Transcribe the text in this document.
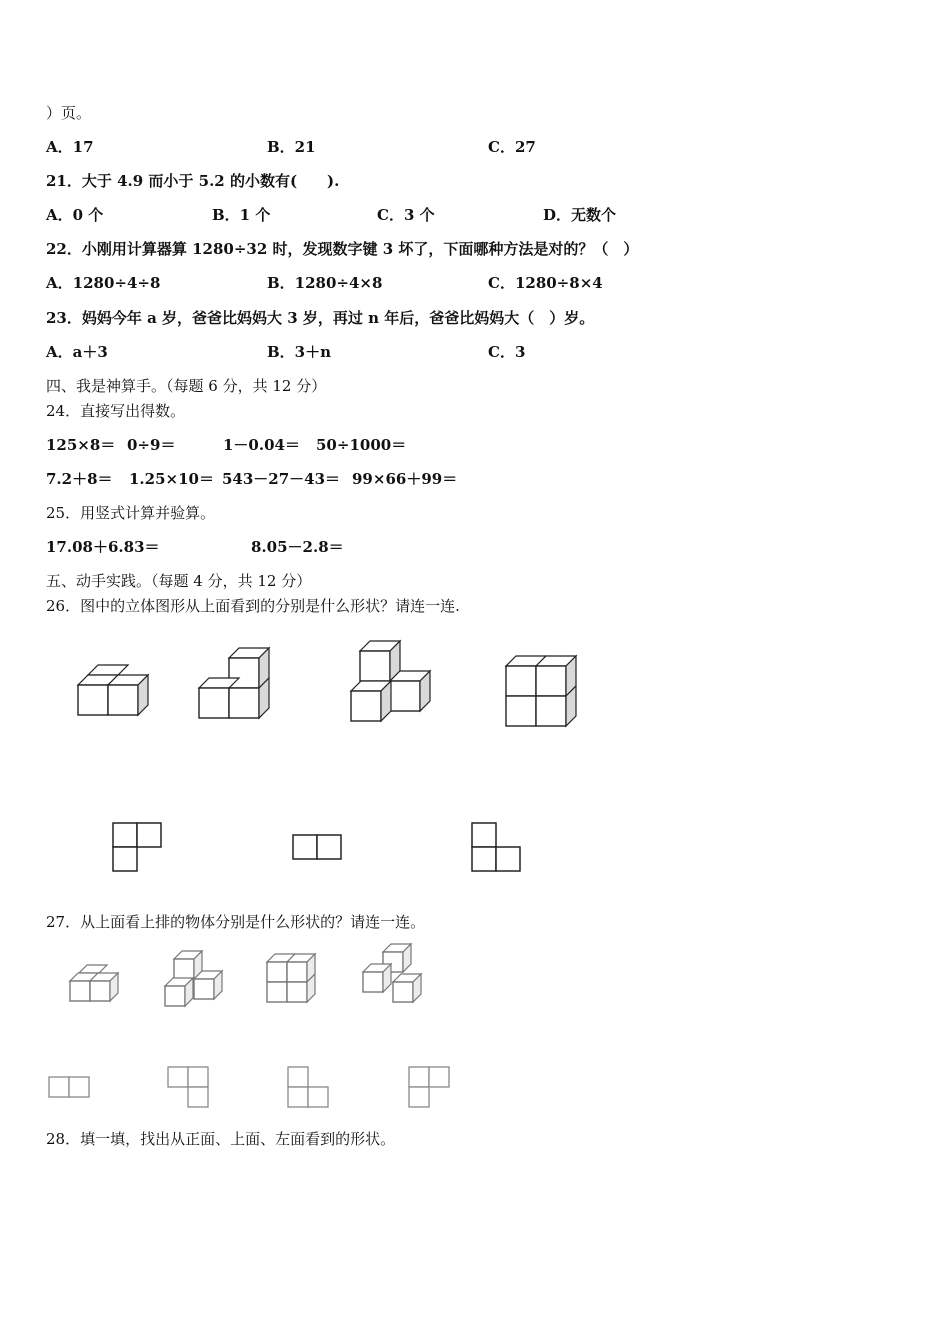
）页。
A．17	B．21	C．27
21．大于 4.9 而小于 5.2 的小数有(　　).
A．0 个	B．1 个	C．3 个	D．无数个
22．小刚用计算器算 1280÷32 时，发现数字键 3 坏了，下面哪种方法是对的？（　）
A．1280÷4÷8	B．1280÷4×8	C．1280÷8×4
23．妈妈今年 a 岁，爸爸比妈妈大 3 岁，再过 n 年后，爸爸比妈妈大（　）岁。
A．a＋3	B．3＋n	C．3
四、我是神算手。（每题 6 分，共 12 分）
24．直接写出得数。
125×8＝ 0÷9＝	1－0.04＝ 50÷1000＝
7.2＋8＝ 1.25×10＝ 543－27－43＝ 99×66＋99＝
25．用竖式计算并验算。
17.08＋6.83＝	8.05－2.8＝
五、动手实践。（每题 4 分，共 12 分）
26．图中的立体图形从上面看到的分别是什么形状？请连一连.
27．从上面看上排的物体分别是什么形状的？请连一连。
28．填一填，找出从正面、上面、左面看到的形状。
